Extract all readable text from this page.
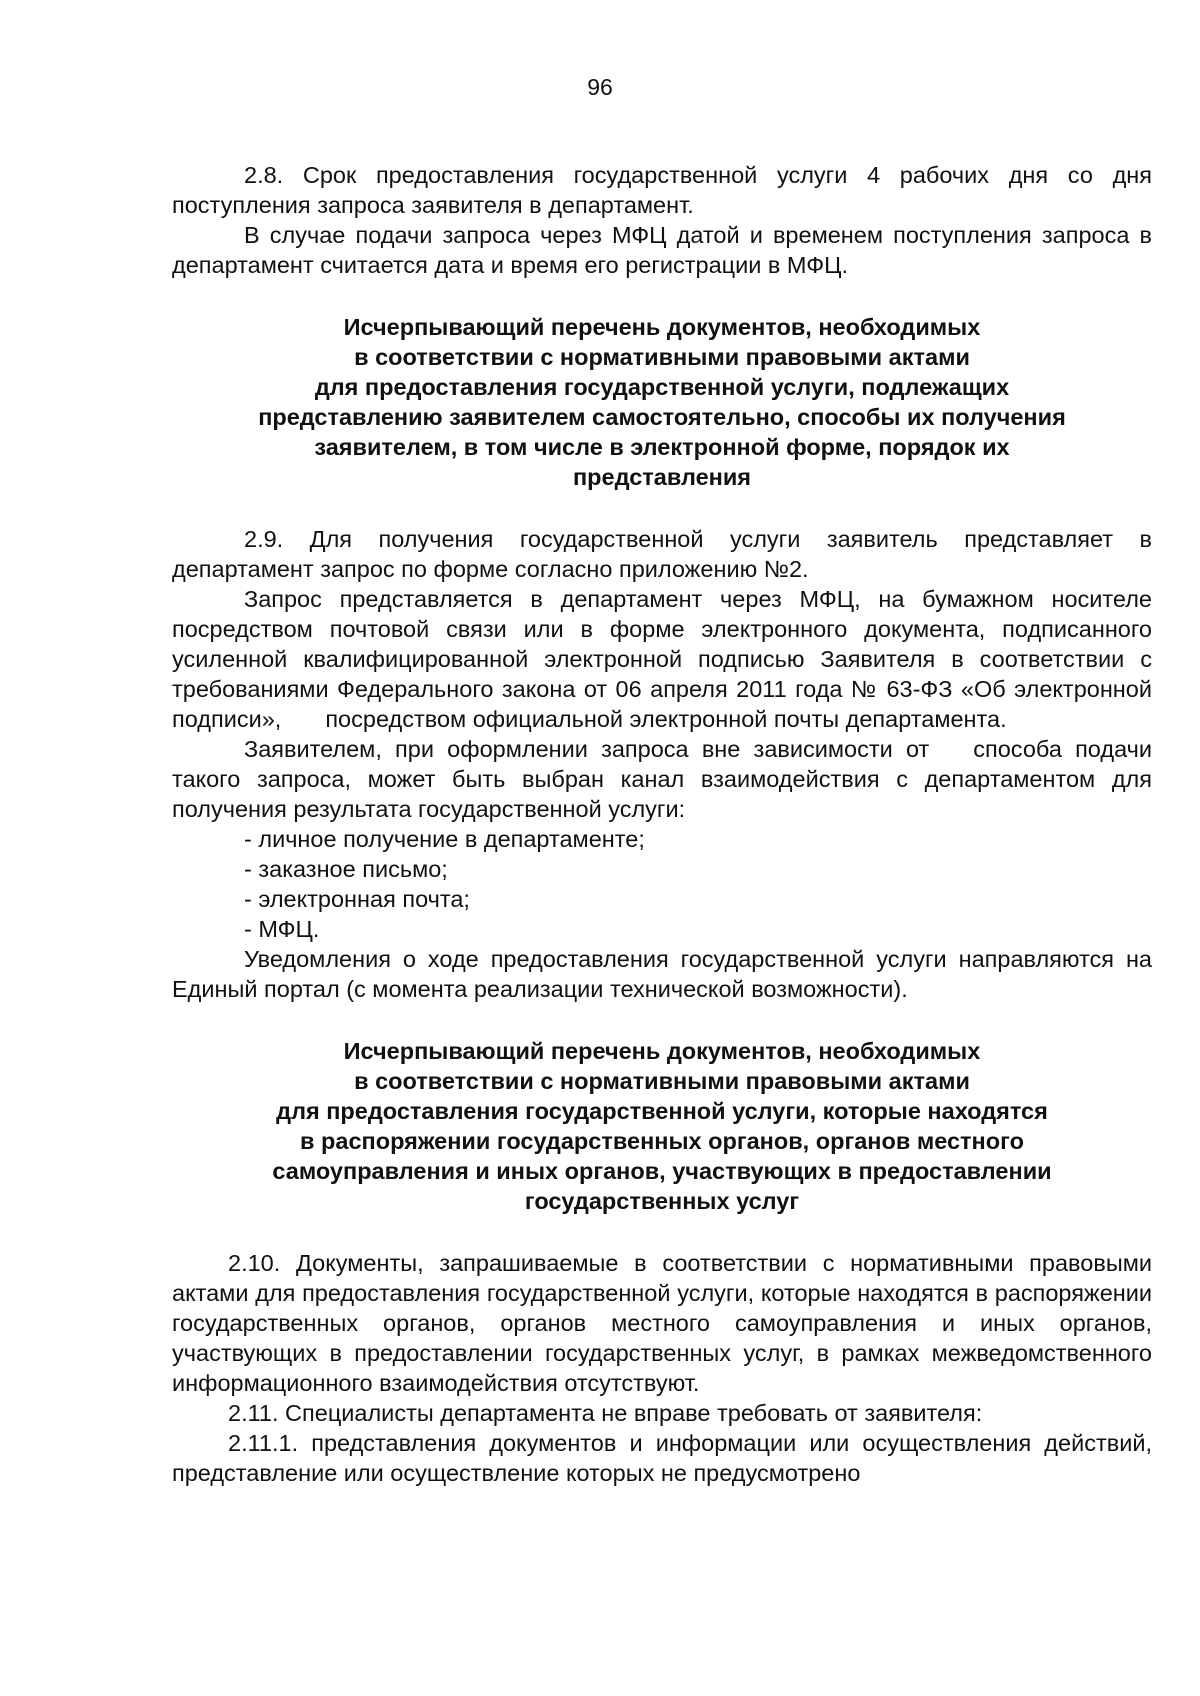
96

2.8. Срок предоставления государственной услуги 4 рабочих дня со дня поступления запроса заявителя в департамент.

В случае подачи запроса через МФЦ датой и временем поступления запроса в департамент считается дата и время его регистрации в МФЦ.

Исчерпывающий перечень документов, необходимых
в соответствии с нормативными правовыми актами
для предоставления государственной услуги, подлежащих
представлению заявителем самостоятельно, способы их получения
заявителем, в том числе в электронной форме, порядок их
представления

2.9. Для получения государственной услуги заявитель представляет в департамент запрос по форме согласно приложению №2.

Запрос представляется в департамент через МФЦ, на бумажном носителе посредством почтовой связи или в форме электронного документа, подписанного усиленной квалифицированной электронной подписью Заявителя в соответствии с требованиями Федерального закона от 06 апреля 2011 года № 63-ФЗ «Об электронной подписи», посредством официальной электронной почты департамента.

Заявителем, при оформлении запроса вне зависимости от способа подачи такого запроса, может быть выбран канал взаимодействия с департаментом для получения результата государственной услуги:

- личное получение в департаменте;
- заказное письмо;
- электронная почта;
- МФЦ.

Уведомления о ходе предоставления государственной услуги направляются на Единый портал (с момента реализации технической возможности).

Исчерпывающий перечень документов, необходимых
в соответствии с нормативными правовыми актами
для предоставления государственной услуги, которые находятся
в распоряжении государственных органов, органов местного
самоуправления и иных органов, участвующих в предоставлении
государственных услуг

2.10. Документы, запрашиваемые в соответствии с нормативными правовыми актами для предоставления государственной услуги, которые находятся в распоряжении государственных органов, органов местного самоуправления и иных органов, участвующих в предоставлении государственных услуг, в рамках межведомственного информационного взаимодействия отсутствуют.

2.11. Специалисты департамента не вправе требовать от заявителя:

2.11.1. представления документов и информации или осуществления действий, представление или осуществление которых не предусмотрено
